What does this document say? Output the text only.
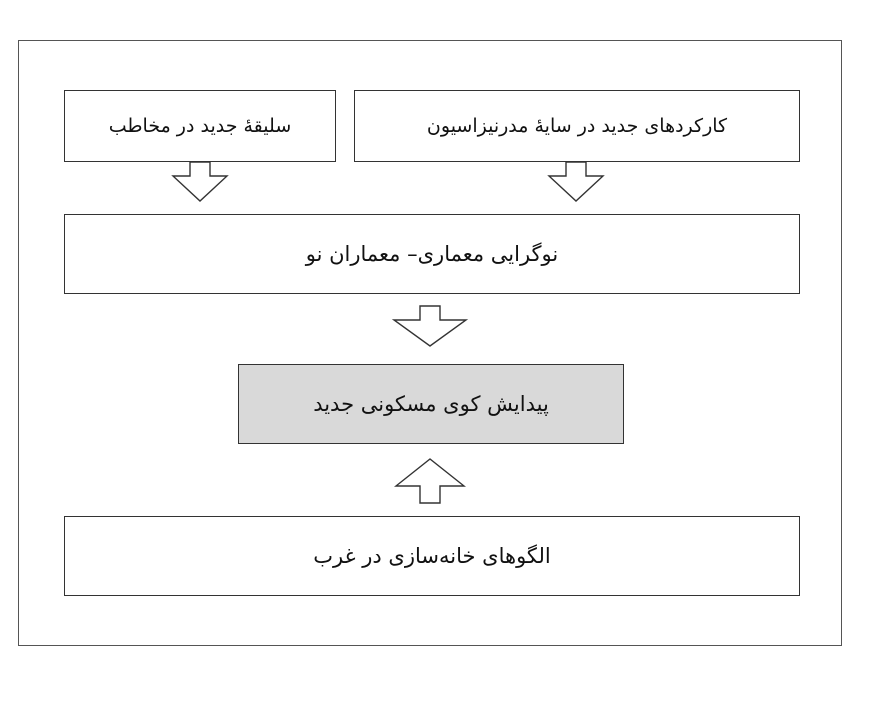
سلیقۀ جدید در مخاطب	کارکردهای جدید در سایۀ مدرنیزاسیون
نوگرایی معماری– معماران نو
پیدایش کوی مسکونی جدید
الگوهای خانه‌سازی در غرب
